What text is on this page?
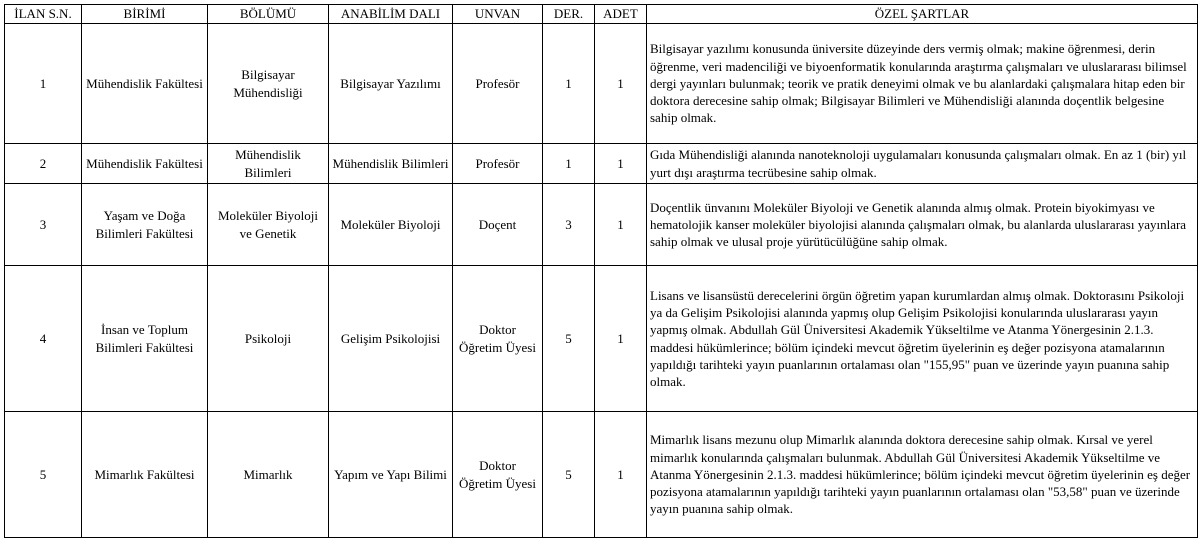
İLAN S.N.	BİRİMİ	BÖLÜMÜ	ANABİLİM DALI	UNVAN	DER.	ADET	ÖZEL ŞARTLAR
1	Mühendislik Fakültesi	Bilgisayar Mühendisliği	Bilgisayar Yazılımı	Profesör	1	1	Bilgisayar yazılımı konusunda üniversite düzeyinde ders vermiş olmak; makine öğrenmesi, derin öğrenme, veri madenciliği ve biyoenformatik konularında araştırma çalışmaları ve uluslararası bilimsel dergi yayınları bulunmak; teorik ve pratik deneyimi olmak ve bu alanlardaki çalışmalara hitap eden bir doktora derecesine sahip olmak; Bilgisayar Bilimleri ve Mühendisliği alanında doçentlik belgesine sahip olmak.
2	Mühendislik Fakültesi	Mühendislik Bilimleri	Mühendislik Bilimleri	Profesör	1	1	Gıda Mühendisliği alanında nanoteknoloji uygulamaları konusunda çalışmaları olmak. En az 1 (bir) yıl yurt dışı araştırma tecrübesine sahip olmak.
3	Yaşam ve Doğa Bilimleri Fakültesi	Moleküler Biyoloji ve Genetik	Moleküler Biyoloji	Doçent	3	1	Doçentlik ünvanını Moleküler Biyoloji ve Genetik alanında almış olmak. Protein biyokimyası ve hematolojik kanser moleküler biyolojisi alanında çalışmaları olmak, bu alanlarda uluslararası yayınlara sahip olmak ve ulusal proje yürütücülüğüne sahip olmak.
4	İnsan ve Toplum Bilimleri Fakültesi	Psikoloji	Gelişim Psikolojisi	Doktor Öğretim Üyesi	5	1	Lisans ve lisansüstü derecelerini örgün öğretim yapan kurumlardan almış olmak. Doktorasını Psikoloji ya da Gelişim Psikolojisi alanında yapmış olup Gelişim Psikolojisi konularında uluslararası yayın yapmış olmak. Abdullah Gül Üniversitesi Akademik Yükseltilme ve Atanma Yönergesinin 2.1.3. maddesi hükümlerince; bölüm içindeki mevcut öğretim üyelerinin eş değer pozisyona atamalarının yapıldığı tarihteki yayın puanlarının ortalaması olan "155,95" puan ve üzerinde yayın puanına sahip olmak.
5	Mimarlık Fakültesi	Mimarlık	Yapım ve Yapı Bilimi	Doktor Öğretim Üyesi	5	1	Mimarlık lisans mezunu olup Mimarlık alanında doktora derecesine sahip olmak. Kırsal ve yerel mimarlık konularında çalışmaları bulunmak. Abdullah Gül Üniversitesi Akademik Yükseltilme ve Atanma Yönergesinin 2.1.3. maddesi hükümlerince; bölüm içindeki mevcut öğretim üyelerinin eş değer pozisyona atamalarının yapıldığı tarihteki yayın puanlarının ortalaması olan "53,58" puan ve üzerinde yayın puanına sahip olmak.
